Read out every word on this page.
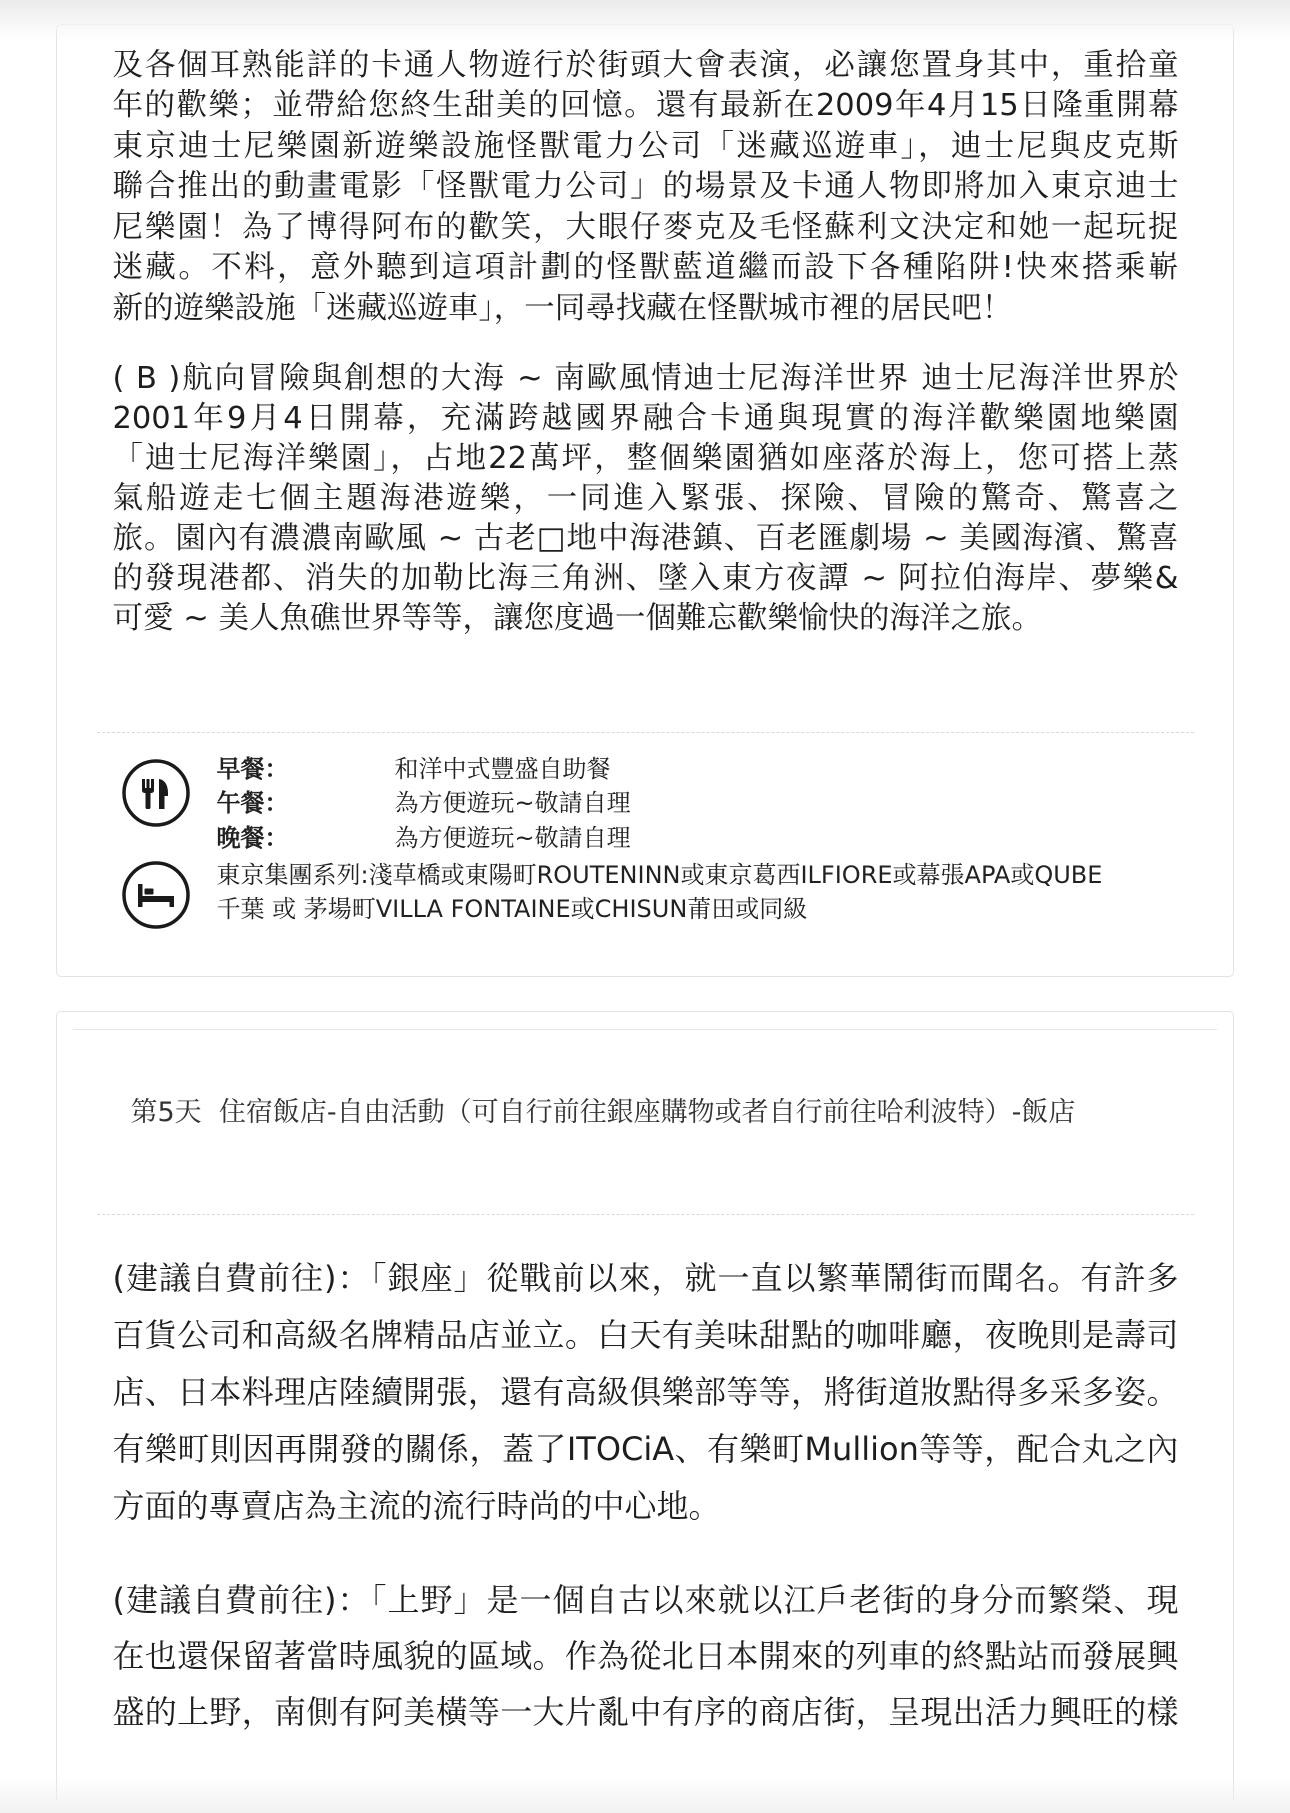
及各個耳熟能詳的卡通人物遊行於街頭大會表演，必讓您置身其中，重拾童
年的歡樂；並帶給您終生甜美的回憶。還有最新在2009年4月15日隆重開幕
東京迪士尼樂園新遊樂設施怪獸電力公司「迷藏巡遊車」，迪士尼與皮克斯
聯合推出的動畫電影「怪獸電力公司」的場景及卡通人物即將加入東京迪士
尼樂園！為了博得阿布的歡笑，大眼仔麥克及毛怪蘇利文決定和她一起玩捉
迷藏。不料，意外聽到這項計劃的怪獸藍道繼而設下各種陷阱!快來搭乘嶄
新的遊樂設施「迷藏巡遊車」，一同尋找藏在怪獸城市裡的居民吧！
( B )航向冒險與創想的大海 ~ 南歐風情迪士尼海洋世界 迪士尼海洋世界於
2001年9月4日開幕，充滿跨越國界融合卡通與現實的海洋歡樂園地樂園
「迪士尼海洋樂園」，占地22萬坪，整個樂園猶如座落於海上，您可搭上蒸
氣船遊走七個主題海港遊樂，一同進入緊張、探險、冒險的驚奇、驚喜之
旅。園內有濃濃南歐風 ~ 古老□地中海港鎮、百老匯劇場 ~ 美國海濱、驚喜
的發現港都、消失的加勒比海三角洲、墜入東方夜譚 ~ 阿拉伯海岸、夢樂&
可愛 ~ 美人魚礁世界等等，讓您度過一個難忘歡樂愉快的海洋之旅。
早餐：	和洋中式豐盛自助餐
午餐：	為方便遊玩~敬請自理
晚餐：	為方便遊玩~敬請自理
東京集團系列:淺草橋或東陽町ROUTENINN或東京葛西ILFIORE或幕張APA或QUBE
千葉 或 茅場町VILLA FONTAINE或CHISUN莆田或同級
第5天  住宿飯店-自由活動（可自行前往銀座購物或者自行前往哈利波特）-飯店
(建議自費前往)：「銀座」從戰前以來，就一直以繁華鬧街而聞名。有許多
百貨公司和高級名牌精品店並立。白天有美味甜點的咖啡廳，夜晚則是壽司
店、日本料理店陸續開張，還有高級俱樂部等等，將街道妝點得多采多姿。
有樂町則因再開發的關係，蓋了ITOCiA、有樂町Mullion等等，配合丸之內
方面的專賣店為主流的流行時尚的中心地。
(建議自費前往)：「上野」是一個自古以來就以江戶老街的身分而繁榮、現
在也還保留著當時風貌的區域。作為從北日本開來的列車的終點站而發展興
盛的上野，南側有阿美橫等一大片亂中有序的商店街，呈現出活力興旺的樣
